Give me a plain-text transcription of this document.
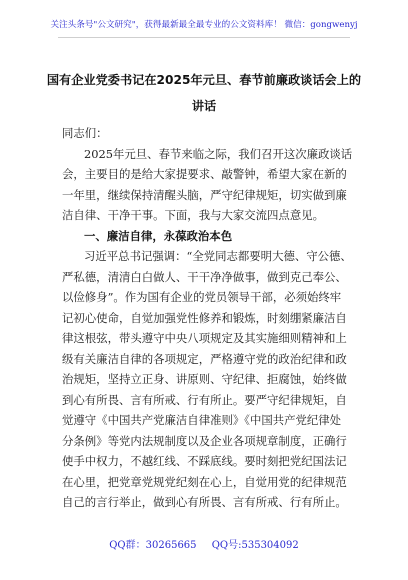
关注头条号"公文研究"，获得最新最全最专业的公文资料库！ 微信：gongwenyj
国有企业党委书记在2025年元旦、春节前廉政谈话会上的
讲话
同志们：
2025年元旦、春节来临之际，我们召开这次廉政谈话
会，主要目的是给大家提要求、敲警钟，希望大家在新的
一年里，继续保持清醒头脑，严守纪律规矩，切实做到廉
洁自律、干净干事。下面，我与大家交流四点意见。
一、廉洁自律，永葆政治本色
习近平总书记强调：“全党同志都要明大德、守公德、
严私德，清清白白做人、干干净净做事，做到克己奉公、
以俭修身”。作为国有企业的党员领导干部，必须始终牢
记初心使命，自觉加强党性修养和锻炼，时刻绷紧廉洁自
律这根弦，带头遵守中央八项规定及其实施细则精神和上
级有关廉洁自律的各项规定，严格遵守党的政治纪律和政
治规矩，坚持立正身、讲原则、守纪律、拒腐蚀，始终做
到心有所畏、言有所戒、行有所止。要严守纪律规矩，自
觉遵守《中国共产党廉洁自律准则》《中国共产党纪律处
分条例》等党内法规制度以及企业各项规章制度，正确行
使手中权力，不越红线、不踩底线。要时刻把党纪国法记
在心里，把党章党规党纪刻在心上，自觉用党的纪律规范
自己的言行举止，做到心有所畏、言有所戒、行有所止。
QQ群：30265665 QQ号:535304092
